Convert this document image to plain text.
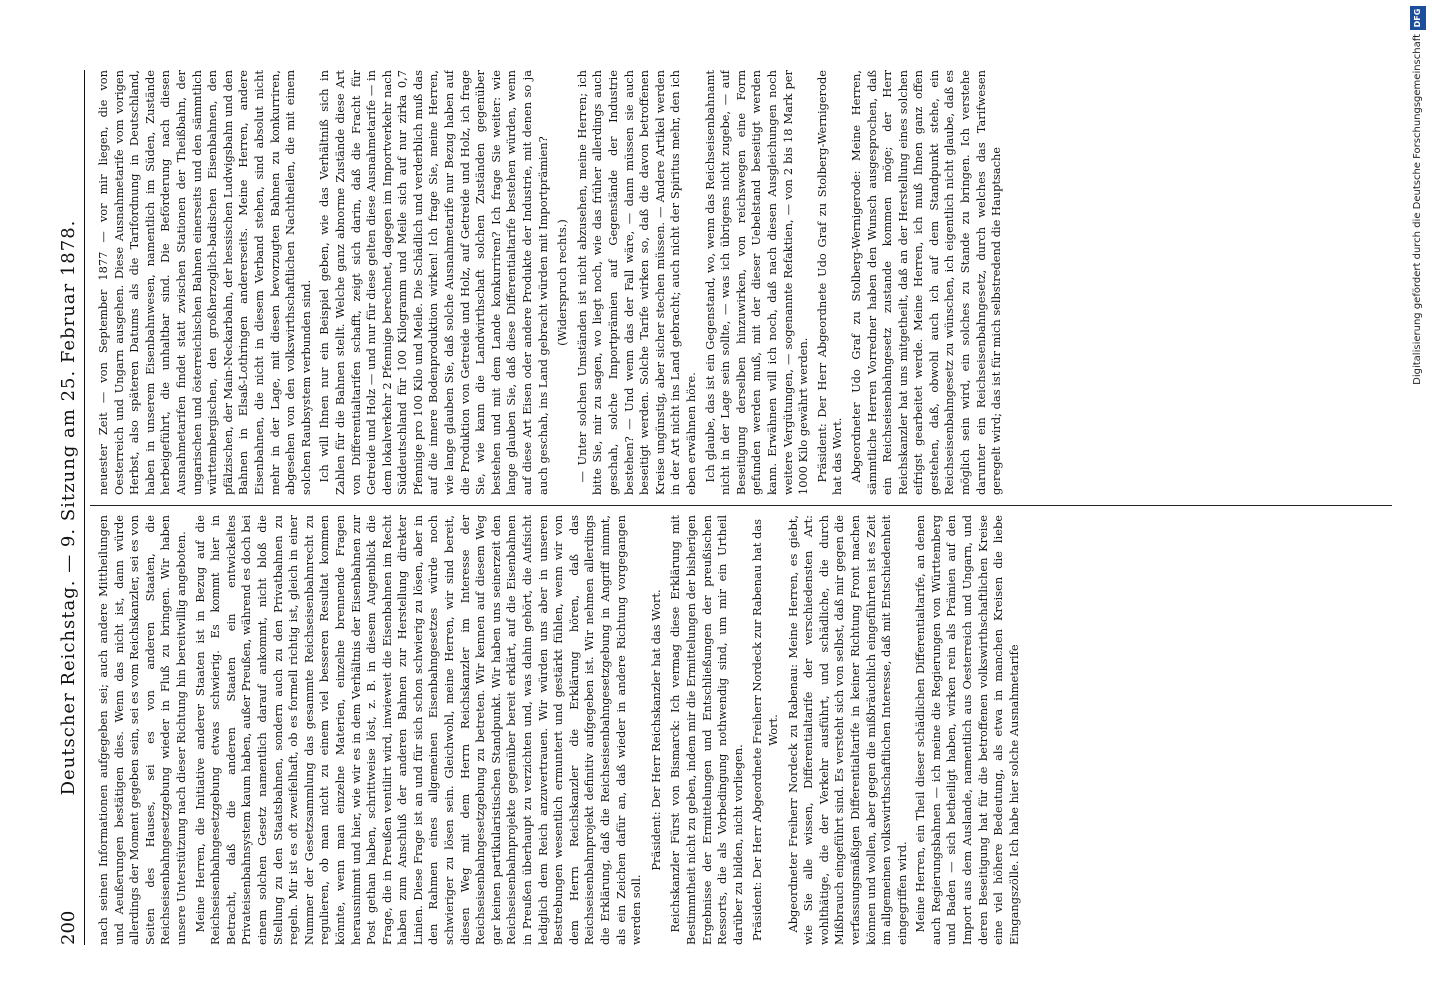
200
Deutscher Reichstag. — 9. Sitzung am 25. Februar 1878. nach seinen Informationen aufgegeben sei; auch andere Mittheilungen und Aeußerungen bestätigen dies. Wenn das nicht ist, dann würde allerdings der Moment gegeben sein, sei es vom Reichskanzler, sei es von Seiten des Hauses, sei es von anderen Staaten, die Reichseisenbahngesetzgebung wieder in Fluß zu bringen. Wir haben unsere Unterstützung nach dieser Richtung hin bereitwillig angeboten. Meine Herren, die Initiative anderer Staaten ist in Bezug auf die Reichseisenbahngesetzgebung etwas schwierig. Es kommt hier in Betracht, daß die anderen Staaten ein entwickeltes Privateisenbahnsystem kaum haben, außer Preußen, während es doch bei einem solchen Gesetz namentlich darauf ankommt, nicht bloß die Stellung zu den Staatsbahnen, sondern auch zu den Privatbahnen zu regeln. Mir ist es oft zweifelhaft, ob es formell richtig ist, gleich in einer Nummer der Gesetzsammlung das gesammte Reichseisenbahnrecht zu regulieren, ob man nicht zu einem viel besseren Resultat kommen könnte, wenn man einzelne Materien, einzelne brennende Fragen herausnimmt und hier, wie wir es in dem Verhältnis der Eisenbahnen zur Post gethan haben, schrittweise löst, z. B. in diesem Augenblick die Frage, die in Preußen ventilirt wird, inwieweit die Eisenbahnen im Recht haben zum Anschluß der anderen Bahnen zur Herstellung direkter Linien. Diese Frage ist an und für sich schon schwierig zu lösen, aber in den Rahmen eines allgemeinen Eisenbahngesetzes würde noch schwieriger zu lösen sein. Gleichwohl, meine Herren, wir sind bereit, diesen Weg mit dem Herrn Reichskanzler im Interesse der Reichseisenbahngesetzgebung zu betreten. Wir kennen auf diesem Weg gar keinen partikularistischen Standpunkt. Wir haben uns seinerzeit den Reichseisenbahnprojekte gegenüber bereit erklärt, auf die Eisenbahnen in Preußen überhaupt zu verzichten und, was dahin gehört, die Aufsicht lediglich dem Reich anzuvertrauen. Wir würden uns aber in unseren Bestrebungen wesentlich ermuntert und gestärkt fühlen, wenn wir von dem Herrn Reichskanzler die Erklärung hören, daß das Reichseisenbahnprojekt definitiv aufgegeben ist. Wir nehmen allerdings die Erklärung, daß die Reichseisenbahngesetzgebung in Angriff nimmt, als ein Zeichen dafür an, daß wieder in andere Richtung vorgegangen werden soll.

Präsident: Der Herr Reichskanzler hat das Wort. Reichskanzler Fürst von Bismarck: Ich vermag diese Erklärung mit Bestimmtheit nicht zu geben, indem mir die Ermittelungen der bisherigen Ergebnisse der Ermittelungen und Entschließungen der preußischen Ressorts, die als Vorbedingung nothwendig sind, um mir ein Urtheil darüber zu bilden, nicht vorliegen. Präsident: Der Herr Abgeordnete Freiherr Nordeck zur Rabenau hat das Wort. Abgeordneter Freiherr Nordeck zu Rabenau: Meine Herren, es giebt, wie Sie alle wissen, Differentialtarife der verschiedensten Art: wohlthätige, die der Verkehr ausführt, und schädliche, die durch Mißbrauch eingeführt sind. Es versteht sich von selbst, daß mir gegen die verfassungsmäßigen Differentialtarife in keiner Richtung Front machen können und wollen, aber gegen die mißbräuchlich eingeführten ist es Zeit im allgemeinen volkswirthschaftlichen Interesse, daß mit Entschiedenheit eingegriffen wird. Meine Herren, ein Theil dieser schädlichen Differentialtarife, an denen auch Regierungsbahnen — ich meine die Regierungen von Württemberg und Baden — sich betheiligt haben, wirken rein als Prämien auf den Import aus dem Auslande, namentlich aus Oesterreich und Ungarn, und deren Beseitigung hat für die betroffenen volkswirthschaftlichen Kreise eine viel höhere Bedeutung, als etwa in manchen Kreisen die liebe Eingangszölle. Ich habe hier solche Ausnahmetarife

neuester Zeit — von September 1877 — vor mir liegen, die von Oesterreich und Ungarn ausgehen. Diese Ausnahmetarife vom vorigen Herbst, also späteren Datums als die Tarifordnung in Deutschland, haben in unserem Eisenbahnwesen, namentlich im Süden, Zustände herbeigeführt, die unhaltbar sind. Die Beförderung nach diesen Ausnahmetarifen findet statt zwischen Stationen der Theißbahn, der ungarischen und österreichischen Bahnen einerseits und den sämmtlich württembergischen, den großherzoglich-badischen Eisenbahnen, den pfälzischen, der Main-Neckarbahn, der hessischen Ludwigsbahn und den Bahnen in Elsaß-Lothringen andererseits. Meine Herren, andere Eisenbahnen, die nicht in diesem Verband stehen, sind absolut nicht mehr in der Lage, mit diesen bevorzugten Bahnen zu konkurriren, abgesehen von den volkswirthschaftlichen Nachtheilen, die mit einem solchen Raubsystem verbunden sind. Ich will Ihnen nur ein Beispiel geben, wie das Verhältniß sich in Zahlen für die Bahnen stellt. Welche ganz abnorme Zustände diese Art von Differentialtarifen schafft, zeigt sich darin, daß die Fracht für Getreide und Holz — und nur für diese gelten diese Ausnahmetarife — in dem lokalverkehr 2 Pfennige berechnet, dagegen im Importverkehr nach Süddeutschland für 100 Kilogramm und Meile sich auf nur zirka 0,7 Pfennige pro 100 Kilo und Meile. Die Schädlich und verderblich muß das auf die innere Bodenproduktion wirken! Ich frage Sie, meine Herren, wie lange glauben Sie, daß solche Ausnahmetarife nur Bezug haben auf die Produktion von Getreide und Holz, auf Getreide und Holz, ich frage Sie, wie kann die Landwirthschaft solchen Zuständen gegenüber bestehen und mit dem Lande konkurriren? Ich frage Sie weiter: wie lange glauben Sie, daß diese Differentialtarife bestehen würden, wenn auf diese Art Eisen oder andere Produkte der Industrie, mit denen so ja auch geschah, ins Land gebracht würden mit Importprämien? (Widerspruch rechts.) — Unter solchen Umständen ist nicht abzusehen, meine Herren; ich bitte Sie, mir zu sagen, wo liegt noch, wie das früher allerdings auch geschah, solche Importprämien auf Gegenstände der Industrie bestehen? — Und wenn das der Fall wäre, — dann müssen sie auch beseitigt werden. Solche Tarife wirken so, daß die davon betroffenen Kreise ungünstig, aber sicher stechen müssen. — Andere Artikel werden in der Art nicht ins Land gebracht; auch nicht der Spiritus mehr, den ich eben erwähnen höre. Ich glaube, das ist ein Gegenstand, wo, wenn das Reichseisenbahnamt nicht in der Lage sein sollte, — was ich übrigens nicht zugebe, — auf Beseitigung derselben hinzuwirken, von reichswegen eine Form gefunden werden muß, mit der dieser Uebelstand beseitigt werden kann. Erwähnen will ich noch, daß nach diesen Ausgleichungen noch weitere Vergütungen, — sogenannte Refaktien, — von 2 bis 18 Mark per 1000 Kilo gewährt werden. Präsident: Der Herr Abgeordnete Udo Graf zu Stolberg-Wernigerode hat das Wort. Abgeordneter Udo Graf zu Stolberg-Wernigerode: Meine Herren, sämmtliche Herren Vorredner haben den Wunsch ausgesprochen, daß ein Reichseisenbahngesetz zustande kommen möge; der Herr Reichskanzler hat uns mitgetheilt, daß an der Herstellung eines solchen eifrigst gearbeitet werde. Meine Herren, ich muß Ihnen ganz offen gestehen, daß, obwohl auch ich auf dem Standpunkt stehe, ein Reichseisenbahngesetz zu wünschen, ich eigentlich nicht glaube, daß es möglich sein wird, ein solches zu Stande zu bringen. Ich verstehe darunter ein Reichseisenbahngesetz, durch welches das Tarifwesen geregelt wird; das ist für mich selbstredend die Hauptsache	Digitalisierung gefördert durch die Deutsche Forschungsgemeinschaft
DFG
